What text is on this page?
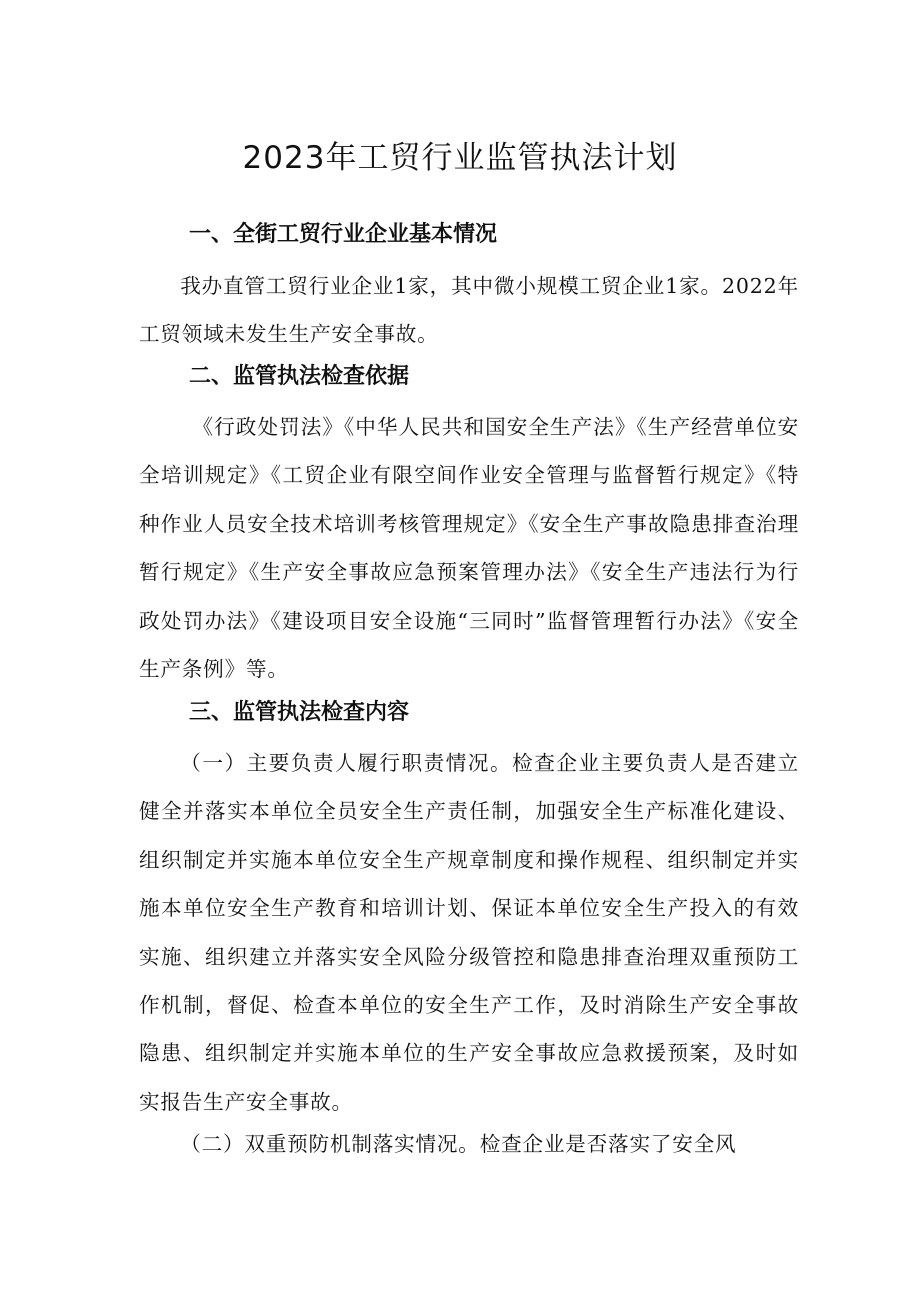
2023年工贸行业监管执法计划
一、全街工贸行业企业基本情况

我办直管工贸行业企业1家，其中微小规模工贸企业1家。2022年工贸领域未发生生产安全事故。

二、监管执法检查依据

《行政处罚法》《中华人民共和国安全生产法》《生产经营单位安全培训规定》《工贸企业有限空间作业安全管理与监督暂行规定》《特种作业人员安全技术培训考核管理规定》《安全生产事故隐患排查治理暂行规定》《生产安全事故应急预案管理办法》《安全生产违法行为行政处罚办法》《建设项目安全设施“三同时”监督管理暂行办法》《安全生产条例》等。

三、监管执法检查内容

（一）主要负责人履行职责情况。检查企业主要负责人是否建立健全并落实本单位全员安全生产责任制，加强安全生产标准化建设、组织制定并实施本单位安全生产规章制度和操作规程、组织制定并实施本单位安全生产教育和培训计划、保证本单位安全生产投入的有效实施、组织建立并落实安全风险分级管控和隐患排查治理双重预防工作机制，督促、检查本单位的安全生产工作，及时消除生产安全事故隐患、组织制定并实施本单位的生产安全事故应急救援预案，及时如实报告生产安全事故。

（二）双重预防机制落实情况。检查企业是否落实了安全风
